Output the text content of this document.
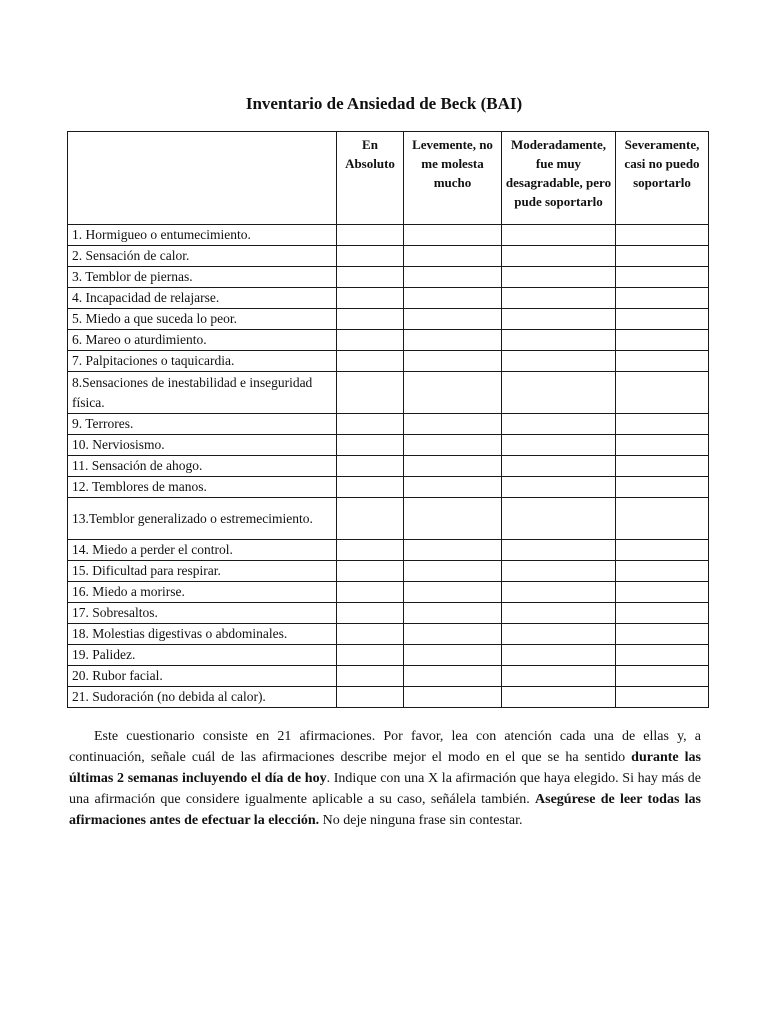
Inventario de Ansiedad de Beck (BAI)
	En Absoluto	Levemente, no me molesta mucho	Moderadamente, fue muy desagradable, pero pude soportarlo	Severamente, casi no puedo soportarlo
1. Hormigueo o entumecimiento.				
2. Sensación de calor.				
3. Temblor de piernas.				
4. Incapacidad de relajarse.				
5. Miedo a que suceda lo peor.				
6. Mareo o aturdimiento.				
7. Palpitaciones o taquicardia.				
8.Sensaciones de inestabilidad e inseguridad física.				
9. Terrores.				
10. Nerviosismo.				
11. Sensación de ahogo.				
12. Temblores de manos.				
13.Temblor generalizado o estremecimiento.				
14. Miedo a perder el control.				
15. Dificultad para respirar.				
16. Miedo a morirse.				
17. Sobresaltos.				
18. Molestias digestivas o abdominales.				
19. Palidez.				
20. Rubor facial.				
21. Sudoración (no debida al calor).				

Este cuestionario consiste en 21 afirmaciones. Por favor, lea con atención cada una de ellas y, a continuación, señale cuál de las afirmaciones describe mejor el modo en el que se ha sentido durante las últimas 2 semanas incluyendo el día de hoy. Indique con una X la afirmación que haya elegido. Si hay más de una afirmación que considere igualmente aplicable a su caso, señálela también. Asegúrese de leer todas las afirmaciones antes de efectuar la elección. No deje ninguna frase sin contestar.
